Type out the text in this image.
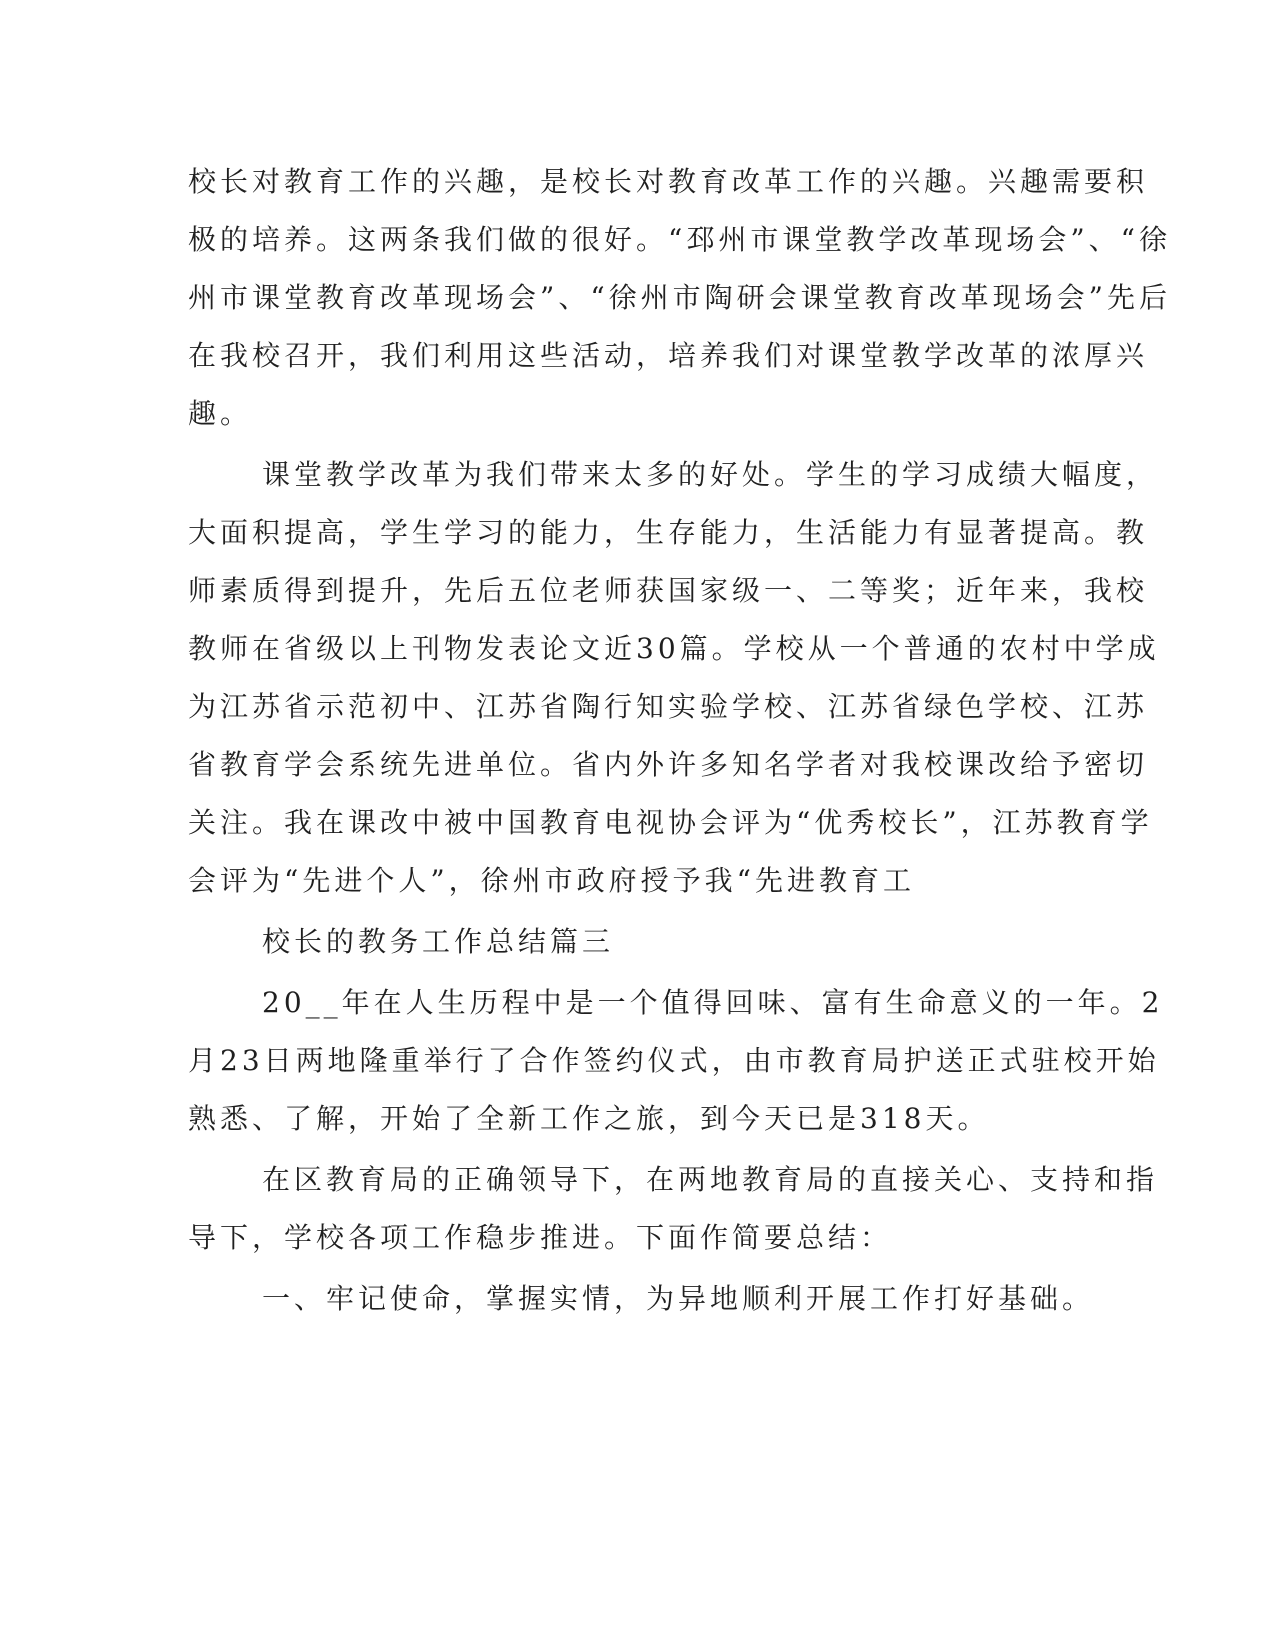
校长对教育工作的兴趣，是校长对教育改革工作的兴趣。兴趣需要积

极的培养。这两条我们做的很好。“邳州市课堂教学改革现场会”、“徐

州市课堂教育改革现场会”、“徐州市陶研会课堂教育改革现场会”先后

在我校召开，我们利用这些活动，培养我们对课堂教学改革的浓厚兴

趣。

课堂教学改革为我们带来太多的好处。学生的学习成绩大幅度，

大面积提高，学生学习的能力，生存能力，生活能力有显著提高。教

师素质得到提升，先后五位老师获国家级一、二等奖；近年来，我校

教师在省级以上刊物发表论文近30篇。学校从一个普通的农村中学成

为江苏省示范初中、江苏省陶行知实验学校、江苏省绿色学校、江苏

省教育学会系统先进单位。省内外许多知名学者对我校课改给予密切

关注。我在课改中被中国教育电视协会评为“优秀校长”，江苏教育学

会评为“先进个人”，徐州市政府授予我“先进教育工

校长的教务工作总结篇三

20__年在人生历程中是一个值得回味、富有生命意义的一年。2

月23日两地隆重举行了合作签约仪式，由市教育局护送正式驻校开始

熟悉、了解，开始了全新工作之旅，到今天已是318天。

在区教育局的正确领导下，在两地教育局的直接关心、支持和指

导下，学校各项工作稳步推进。下面作简要总结：

一、牢记使命，掌握实情，为异地顺利开展工作打好基础。
